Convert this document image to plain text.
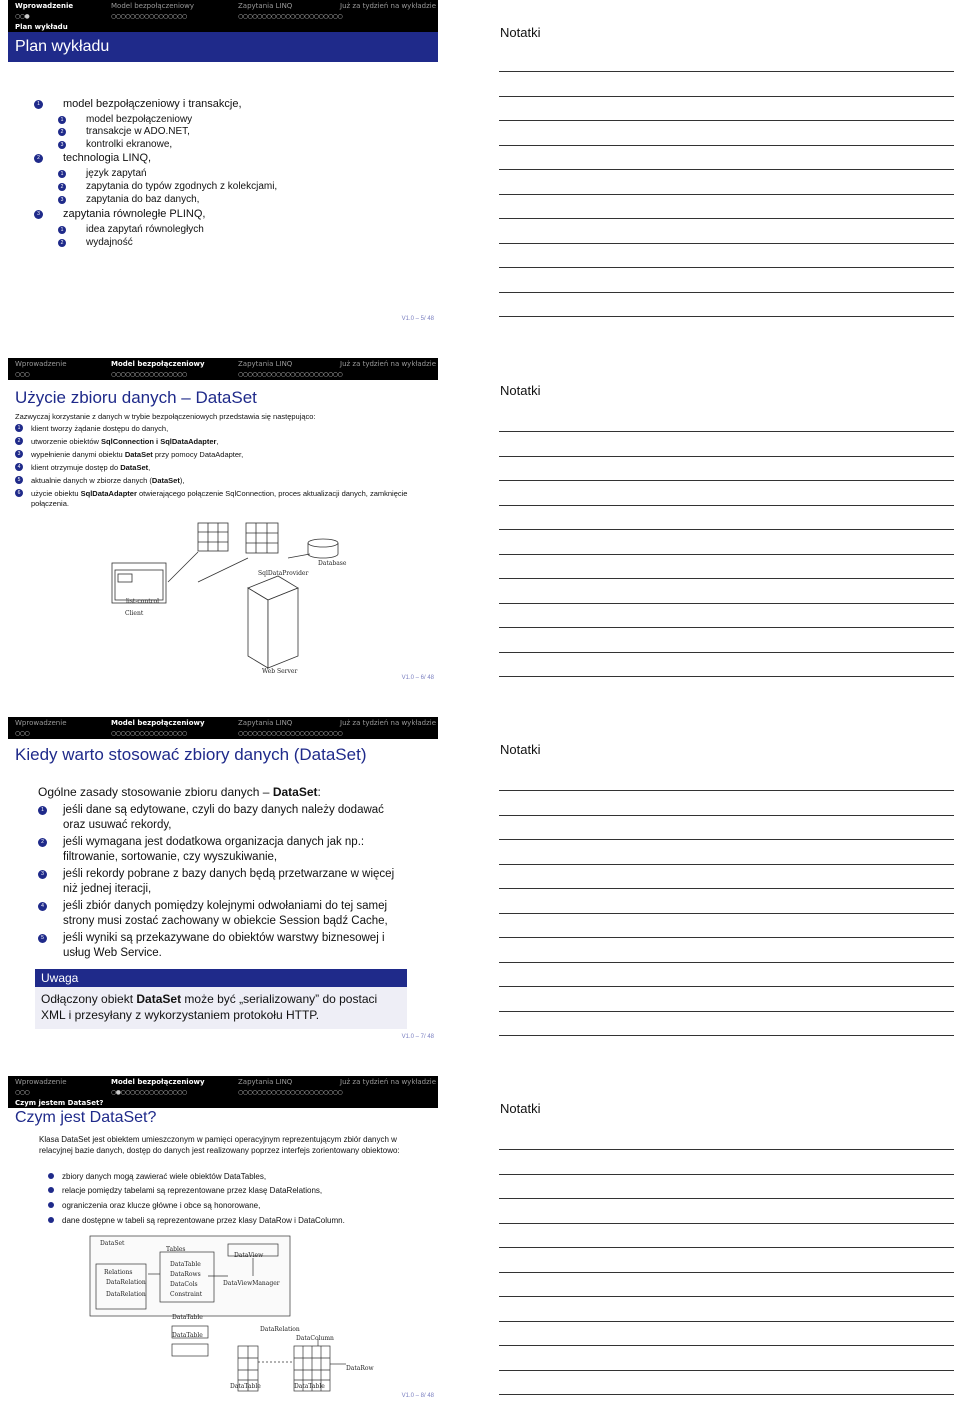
Wprowadzenie	Model bezpołączeniowy	Zapytania LINQ	Już za tydzień na wykładzie
○○●	○○○○○○○○○○○○○○○○	○○○○○○○○○○○○○○○○○○○○○○
Plan wykładu
Plan wykładu
1 model bezpołączeniowy i transakcje,
1 model bezpołączeniowy
2 transakcje w ADO.NET,
3 kontrolki ekranowe,
2 technologia LINQ,
1 język zapytań
2 zapytania do typów zgodnych z kolekcjami,
3 zapytania do baz danych,
3 zapytania równoległe PLINQ,
1 idea zapytań równoległych
2 wydajność
V1.0 – 5/ 48
Wprowadzenie	Model bezpołączeniowy	Zapytania LINQ	Już za tydzień na wykładzie
○○○	○○○○○○○○○○○○○○○○	○○○○○○○○○○○○○○○○○○○○○○
Użycie zbioru danych – DataSet
Zazwyczaj korzystanie z danych w trybie bezpołączeniowych przedstawia się następująco:
1	klient tworzy żądanie dostępu do danych,
2	utworzenie obiektów SqlConnection i SqlDataAdapter,
3	wypełnienie danymi obiektu DataSet przy pomocy DataAdapter,
4	klient otrzymuje dostęp do DataSet,
5	aktualnie danych w zbiorze danych (DataSet),
6	użycie obiektu SqlDataAdapter otwierającego połączenie SqlConnection, proces aktualizacji danych, zamknięcie połączenia.
Database
SqlDataProvider
list-control
Client
Web Server
V1.0 – 6/ 48
Wprowadzenie	Model bezpołączeniowy	Zapytania LINQ	Już za tydzień na wykładzie
○○○	○○○○○○○○○○○○○○○○	○○○○○○○○○○○○○○○○○○○○○○
Kiedy warto stosować zbiory danych (DataSet)
Ogólne zasady stosowanie zbioru danych – DataSet:
1 jeśli dane są edytowane, czyli do bazy danych należy dodawać oraz usuwać rekordy,
2 jeśli wymagana jest dodatkowa organizacja danych jak np.: filtrowanie, sortowanie, czy wyszukiwanie,
3 jeśli rekordy pobrane z bazy danych będą przetwarzane w więcej niż jednej iteracji,
4 jeśli zbiór danych pomiędzy kolejnymi odwołaniami do tej samej strony musi zostać zachowany w obiekcie Session bądź Cache,
5 jeśli wyniki są przekazywane do obiektów warstwy biznesowej i usług Web Service.
Uwaga
Odłączony obiekt DataSet może być „serializowany” do postaci XML i przesyłany z wykorzystaniem protokołu HTTP.
V1.0 – 7/ 48
Wprowadzenie	Model bezpołączeniowy	Zapytania LINQ	Już za tydzień na wykładzie
○○○	○●○○○○○○○○○○○○○○	○○○○○○○○○○○○○○○○○○○○○○
Czym jestem DataSet?
Czym jest DataSet?
Klasa DataSet jest obiektem umieszczonym w pamięci operacyjnym reprezentującym zbiór danych w relacyjnej bazie danych, dostęp do danych jest realizowany poprzez interfejs zorientowany obiektowo:
zbiory danych mogą zawierać wiele obiektów DataTables,
relacje pomiędzy tabelami są reprezentowane przez klasę DataRelations,
ograniczenia oraz klucze główne i obce są honorowane,
dane dostępne w tabeli są reprezentowane przez klasy DataRow i DataColumn.
DataSet
Tables
DataView
Relations
DataRelation
DataRelation
DataTable
DataRows
DataCols
Constraint
DataViewManager
DataTable
DataTable
DataRelation
DataColumn
DataRow
DataTable	DataTable
V1.0 – 8/ 48
Notatki
Notatki
Notatki
Notatki
